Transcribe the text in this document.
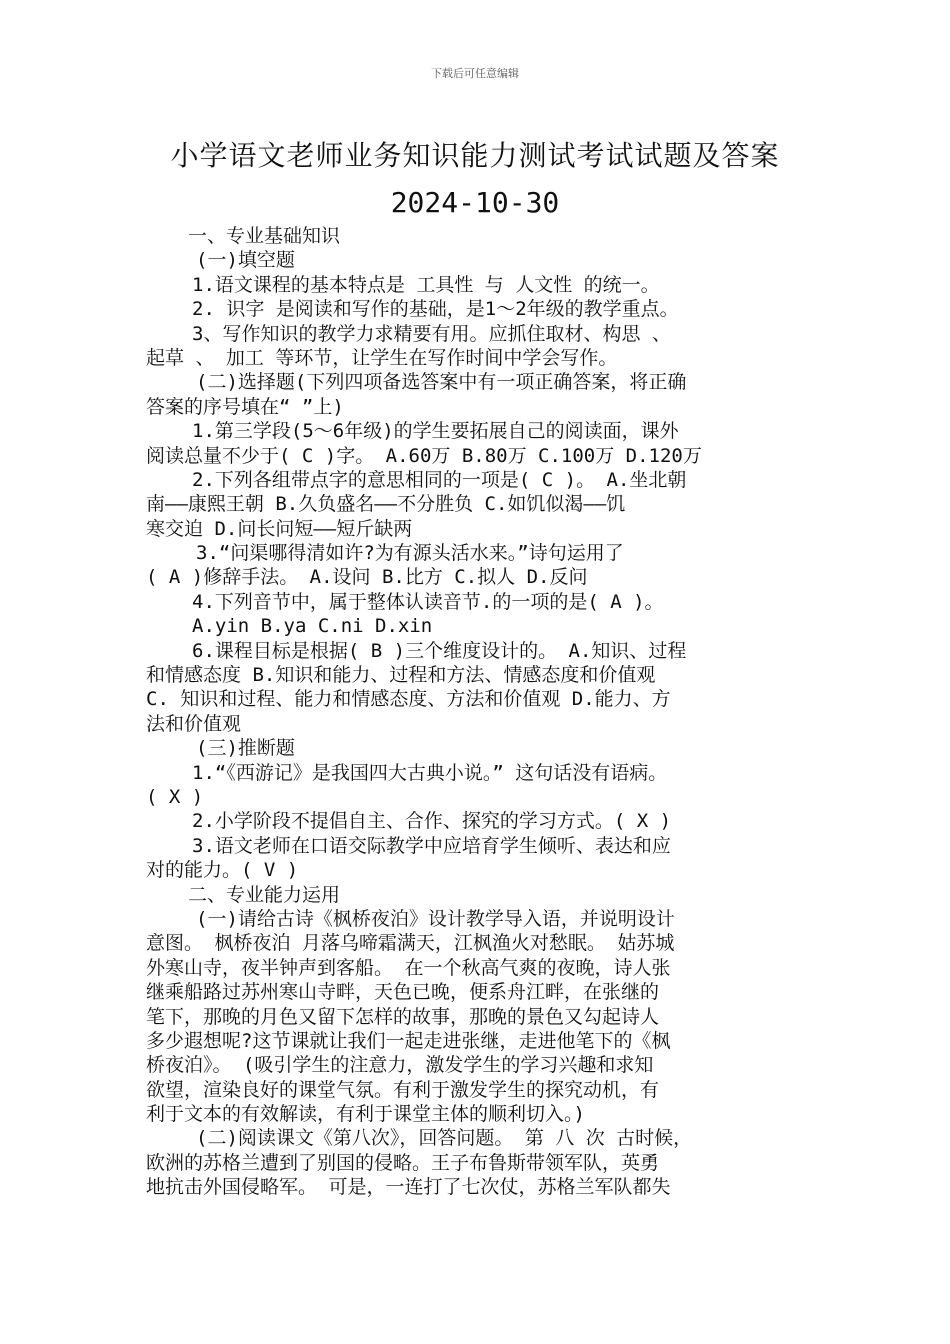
下载后可任意编辑
小学语文老师业务知识能力测试考试试题及答案
2024-10-30
一、专业基础知识
(一)填空题
1.语文课程的基本特点是 工具性 与 人文性 的统一。
2. 识字 是阅读和写作的基础，是1～2年级的教学重点。
3、写作知识的教学力求精要有用。应抓住取材、构思 、
起草 、 加工 等环节，让学生在写作时间中学会写作。
(二)选择题(下列四项备选答案中有一项正确答案，将正确
答案的序号填在“ ”上)
1.第三学段(5～6年级)的学生要拓展自己的阅读面，课外
阅读总量不少于( C )字。 A.60万 B.80万 C.100万 D.120万
2.下列各组带点字的意思相同的一项是( C )。 A.坐北朝
南——康熙王朝 B.久负盛名——不分胜负 C.如饥似渴——饥
寒交迫 D.问长问短——短斤缺两
3.“问渠哪得清如许?为有源头活水来。”诗句运用了
( A )修辞手法。 A.设问 B.比方 C.拟人 D.反问
4.下列音节中，属于整体认读音节.的一项的是( A )。
A.yin B.ya C.ni D.xin
6.课程目标是根据( B )三个维度设计的。 A.知识、过程
和情感态度 B.知识和能力、过程和方法、情感态度和价值观
C. 知识和过程、能力和情感态度、方法和价值观 D.能力、方
法和价值观
(三)推断题
1.“《西游记》是我国四大古典小说。” 这句话没有语病。
( X )
2.小学阶段不提倡自主、合作、探究的学习方式。( X )
3.语文老师在口语交际教学中应培育学生倾听、表达和应
对的能力。( V )
二、专业能力运用
(一)请给古诗《枫桥夜泊》设计教学导入语，并说明设计
意图。 枫桥夜泊 月落乌啼霜满天，江枫渔火对愁眠。 姑苏城
外寒山寺，夜半钟声到客船。 在一个秋高气爽的夜晚，诗人张
继乘船路过苏州寒山寺畔，天色已晚，便系舟江畔，在张继的
笔下，那晚的月色又留下怎样的故事，那晚的景色又勾起诗人
多少遐想呢?这节课就让我们一起走进张继，走进他笔下的《枫
桥夜泊》。 (吸引学生的注意力，激发学生的学习兴趣和求知
欲望，渲染良好的课堂气氛。有利于激发学生的探究动机，有
利于文本的有效解读，有利于课堂主体的顺利切入。)
(二)阅读课文《第八次》，回答问题。 第 八 次 古时候，
欧洲的苏格兰遭到了别国的侵略。王子布鲁斯带领军队，英勇
地抗击外国侵略军。 可是，一连打了七次仗，苏格兰军队都失
